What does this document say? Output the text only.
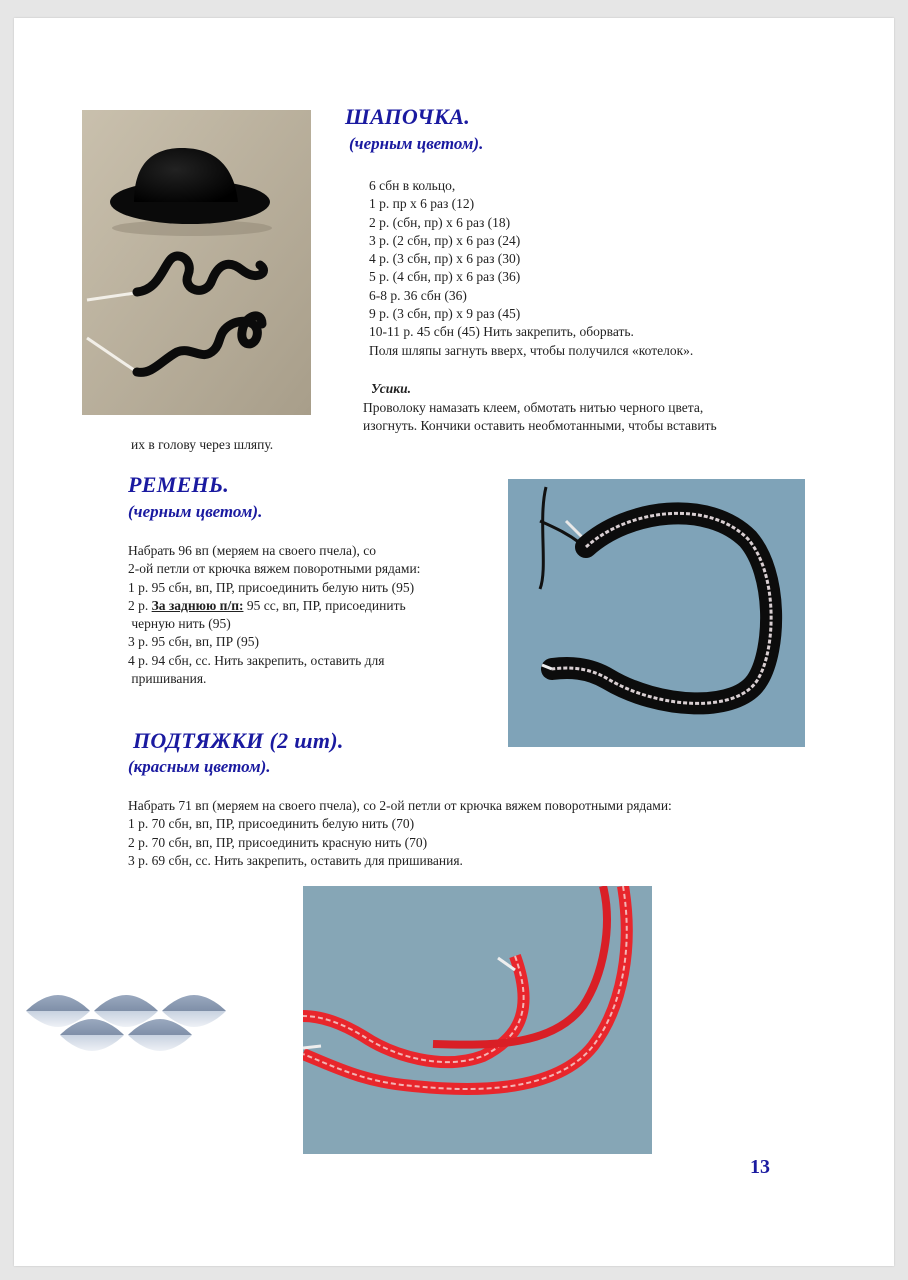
ШАПОЧКА.
(черным цветом).
6 сбн в кольцо,
1 р. пр х 6 раз (12)
2 р. (сбн, пр) х 6 раз (18)
3 р. (2 сбн, пр) х 6 раз (24)
4 р. (3 сбн, пр) х 6 раз (30)
5 р. (4 сбн, пр) х 6 раз (36)
6-8 р. 36 сбн (36)
9 р. (3 сбн, пр) х 9 раз (45)
10-11 р. 45 сбн (45) Нить закрепить, оборвать.
Поля шляпы загнуть вверх, чтобы получился «котелок».
Усики.
Проволоку намазать клеем, обмотать нитью черного цвета,
изогнуть. Кончики оставить необмотанными, чтобы вставить
их в голову через шляпу.
РЕМЕНЬ.
(черным цветом).
Набрать 96 вп (меряем на своего пчела), со
2-ой петли от крючка вяжем поворотными рядами:
1 р. 95 сбн, вп, ПР, присоединить белую нить (95)
2 р. За заднюю п/п: 95 сс, вп, ПР, присоединить
черную нить (95)
3 р. 95 сбн, вп, ПР (95)
4 р. 94 сбн, сс. Нить закрепить, оставить для
пришивания.
ПОДТЯЖКИ (2 шт).
(красным цветом).
Набрать 71 вп (меряем на своего пчела), со 2-ой петли от крючка вяжем поворотными рядами:
1 р. 70 сбн, вп, ПР, присоединить белую нить (70)
2 р. 70 сбн, вп, ПР, присоединить красную нить (70)
3 р. 69 сбн, сс. Нить закрепить, оставить для пришивания.
13
